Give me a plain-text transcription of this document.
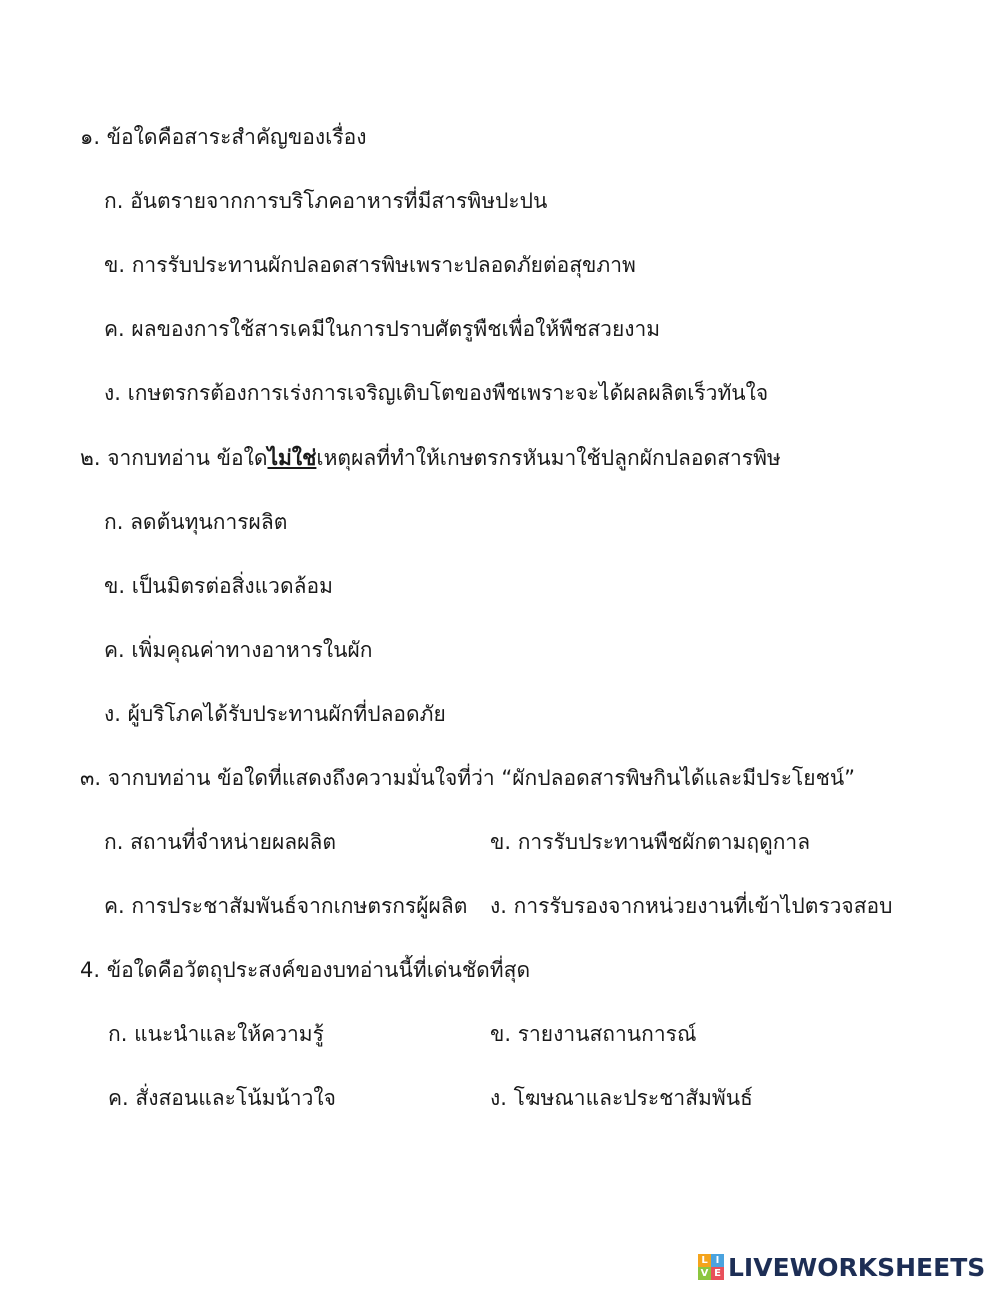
๑. ข้อใดคือสาระสำคัญของเรื่อง
ก. อันตรายจากการบริโภคอาหารที่มีสารพิษปะปน
ข. การรับประทานผักปลอดสารพิษเพราะปลอดภัยต่อสุขภาพ
ค. ผลของการใช้สารเคมีในการปราบศัตรูพืชเพื่อให้พืชสวยงาม
ง. เกษตรกรต้องการเร่งการเจริญเติบโตของพืชเพราะจะได้ผลผลิตเร็วทันใจ
๒. จากบทอ่าน ข้อใดไม่ใช่เหตุผลที่ทำให้เกษตรกรหันมาใช้ปลูกผักปลอดสารพิษ
ก. ลดต้นทุนการผลิต
ข. เป็นมิตรต่อสิ่งแวดล้อม
ค. เพิ่มคุณค่าทางอาหารในผัก
ง. ผู้บริโภคได้รับประทานผักที่ปลอดภัย
๓. จากบทอ่าน ข้อใดที่แสดงถึงความมั่นใจที่ว่า “ผักปลอดสารพิษกินได้และมีประโยชน์”
ก. สถานที่จำหน่ายผลผลิต	ข. การรับประทานพืชผักตามฤดูกาล
ค. การประชาสัมพันธ์จากเกษตรกรผู้ผลิต ง. การรับรองจากหน่วยงานที่เข้าไปตรวจสอบ
4. ข้อใดคือวัตถุประสงค์ของบทอ่านนี้ที่เด่นชัดที่สุด
ก. แนะนำและให้ความรู้	ข. รายงานสถานการณ์
ค. สั่งสอนและโน้มน้าวใจ	ง. โฆษณาและประชาสัมพันธ์
L I
V E LIVEWORKSHEETS
